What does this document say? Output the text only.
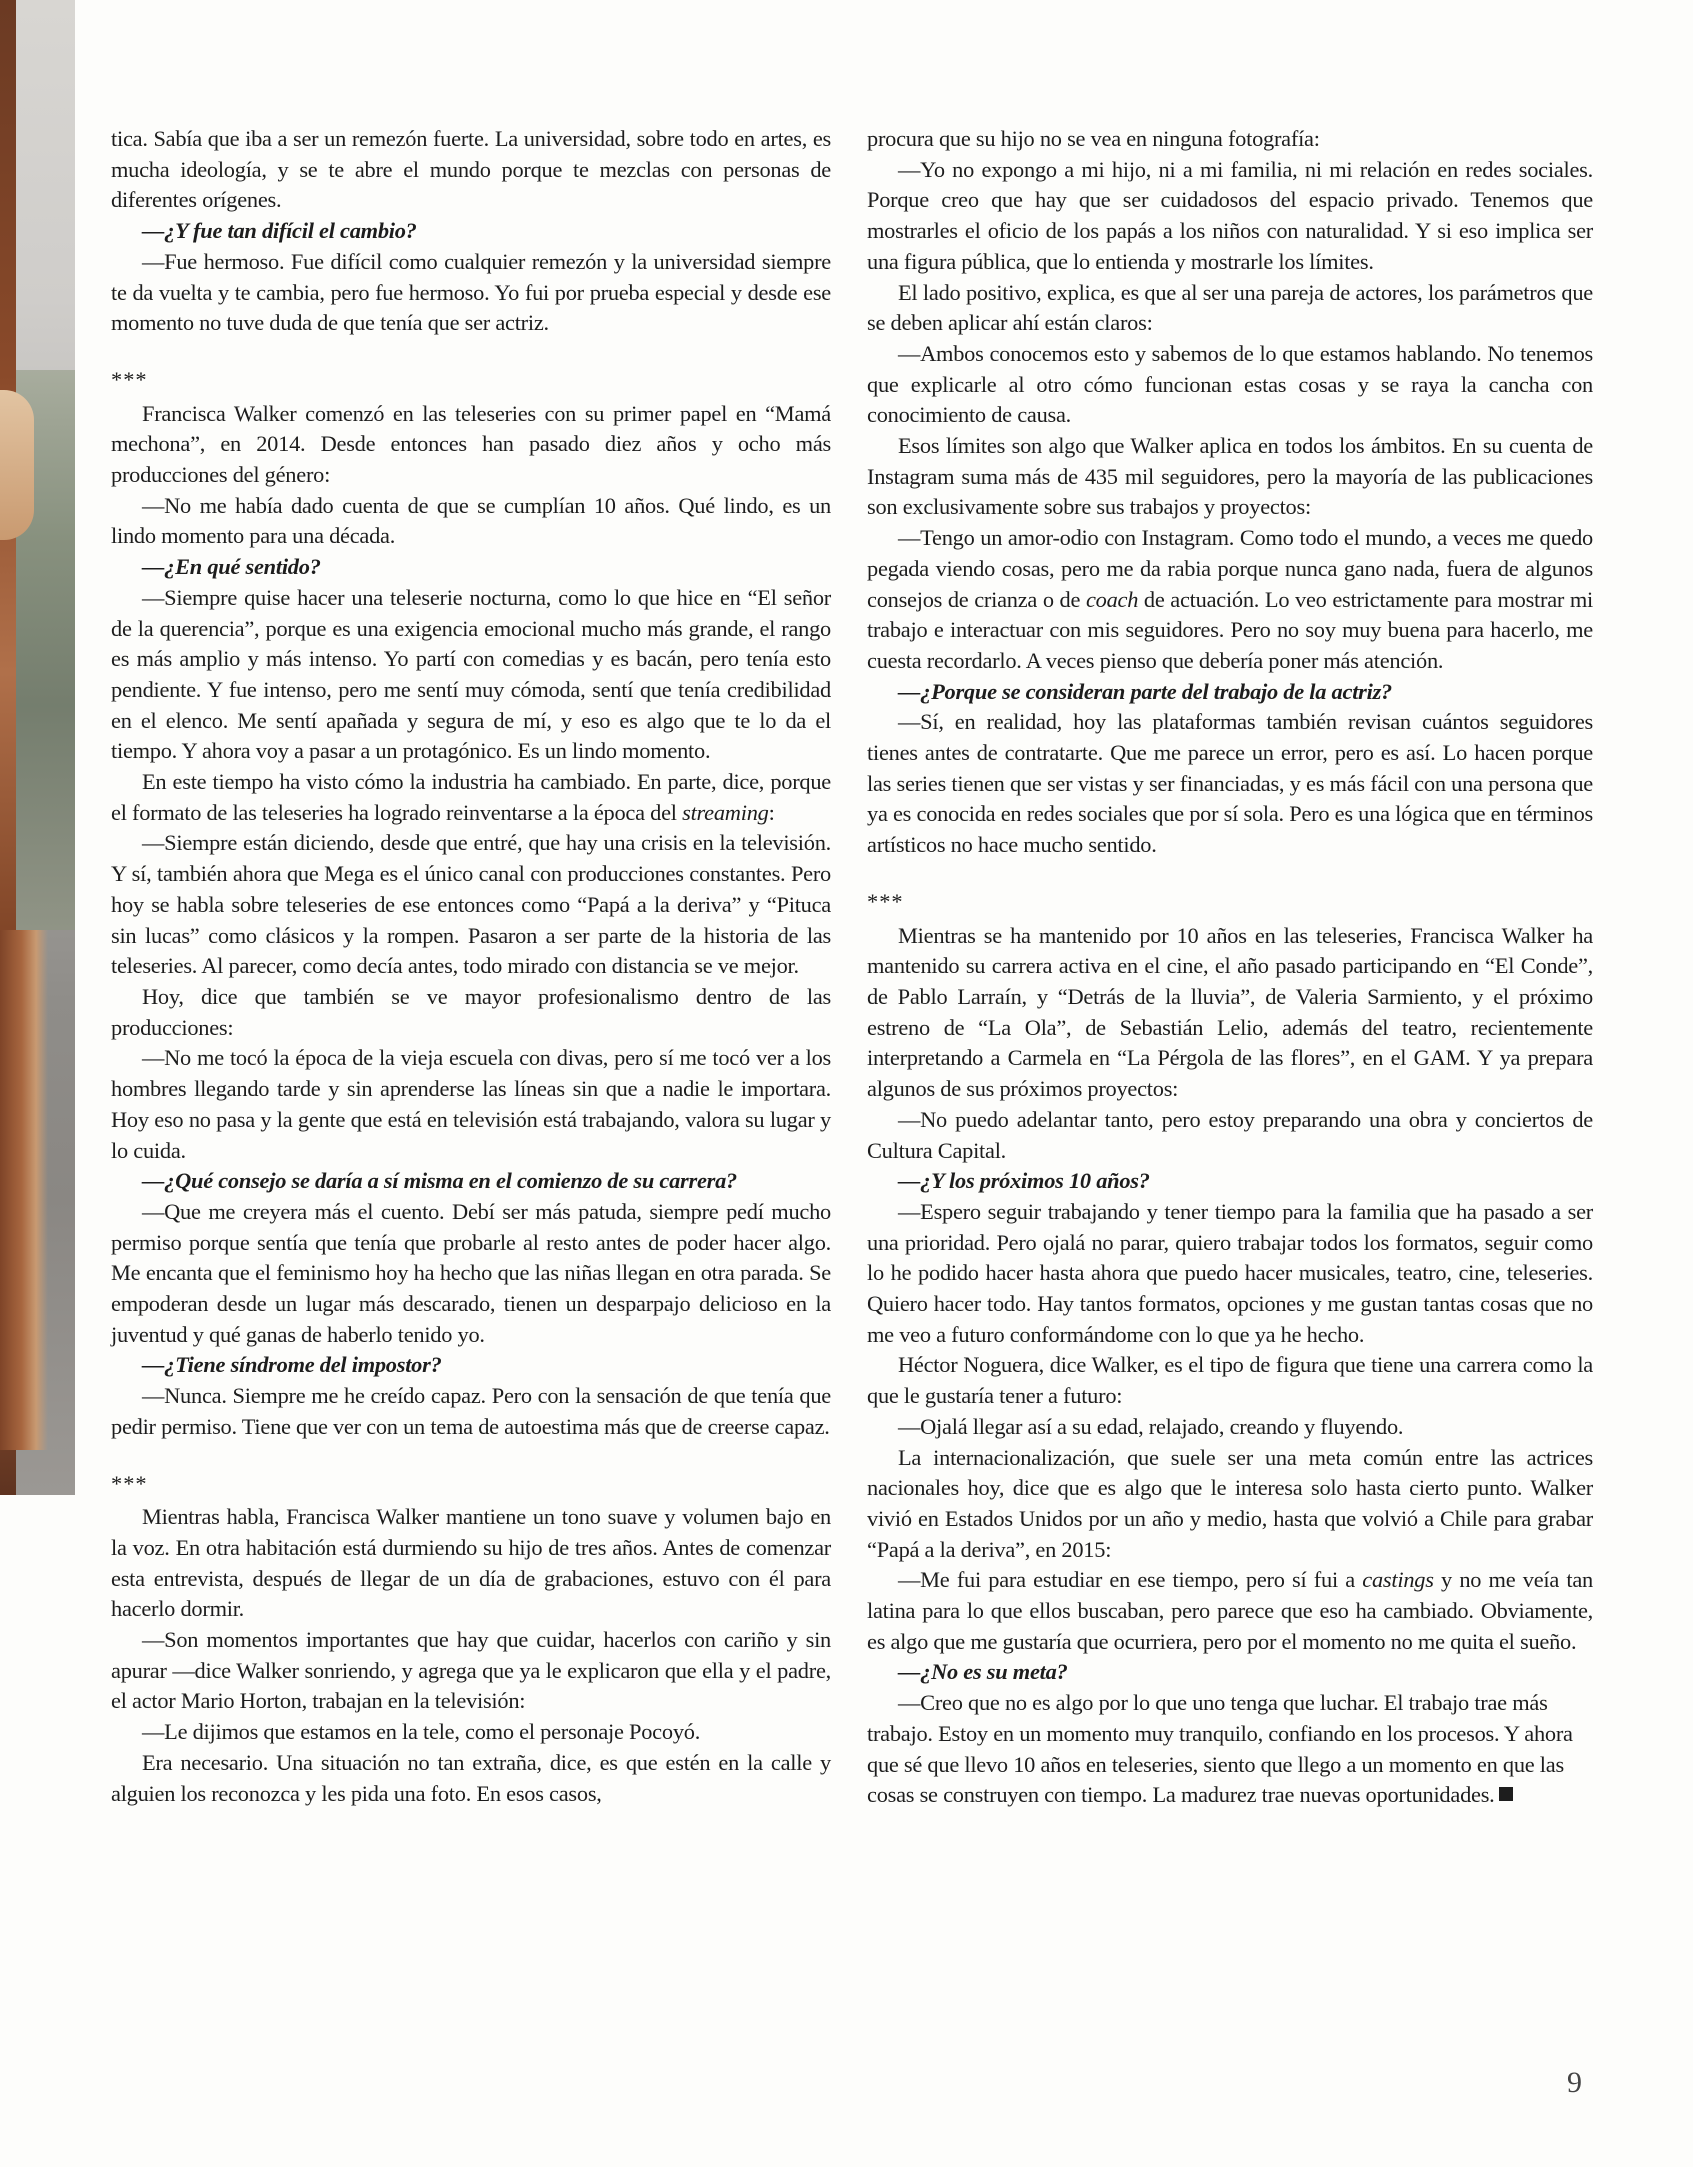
tica. Sabía que iba a ser un remezón fuerte. La universidad, sobre todo en artes, es mucha ideología, y se te abre el mundo porque te mezclas con personas de diferentes orígenes.

—¿Y fue tan difícil el cambio?

—Fue hermoso. Fue difícil como cualquier remezón y la universidad siempre te da vuelta y te cambia, pero fue hermoso. Yo fui por prueba especial y desde ese momento no tuve duda de que tenía que ser actriz.

***

Francisca Walker comenzó en las teleseries con su primer papel en “Mamá mechona”, en 2014. Desde entonces han pasado diez años y ocho más producciones del género:

—No me había dado cuenta de que se cumplían 10 años. Qué lindo, es un lindo momento para una década.

—¿En qué sentido?

—Siempre quise hacer una teleserie nocturna, como lo que hice en “El señor de la querencia”, porque es una exigencia emocional mucho más grande, el rango es más amplio y más intenso. Yo partí con comedias y es bacán, pero tenía esto pendiente. Y fue intenso, pero me sentí muy cómoda, sentí que tenía credibilidad en el elenco. Me sentí apañada y segura de mí, y eso es algo que te lo da el tiempo. Y ahora voy a pasar a un protagónico. Es un lindo momento.

En este tiempo ha visto cómo la industria ha cambiado. En parte, dice, porque el formato de las teleseries ha logrado reinventarse a la época del streaming:

—Siempre están diciendo, desde que entré, que hay una crisis en la televisión. Y sí, también ahora que Mega es el único canal con producciones constantes. Pero hoy se habla sobre teleseries de ese entonces como “Papá a la deriva” y “Pituca sin lucas” como clásicos y la rompen. Pasaron a ser parte de la historia de las teleseries. Al parecer, como decía antes, todo mirado con distancia se ve mejor.

Hoy, dice que también se ve mayor profesionalismo dentro de las producciones:

—No me tocó la época de la vieja escuela con divas, pero sí me tocó ver a los hombres llegando tarde y sin aprenderse las líneas sin que a nadie le importara. Hoy eso no pasa y la gente que está en televisión está trabajando, valora su lugar y lo cuida.

—¿Qué consejo se daría a sí misma en el comienzo de su carrera?

—Que me creyera más el cuento. Debí ser más patuda, siempre pedí mucho permiso porque sentía que tenía que probarle al resto antes de poder hacer algo. Me encanta que el feminismo hoy ha hecho que las niñas llegan en otra parada. Se empoderan desde un lugar más descarado, tienen un desparpajo delicioso en la juventud y qué ganas de haberlo tenido yo.

—¿Tiene síndrome del impostor?

—Nunca. Siempre me he creído capaz. Pero con la sensación de que tenía que pedir permiso. Tiene que ver con un tema de autoestima más que de creerse capaz.

***

Mientras habla, Francisca Walker mantiene un tono suave y volumen bajo en la voz. En otra habitación está durmiendo su hijo de tres años. Antes de comenzar esta entrevista, después de llegar de un día de grabaciones, estuvo con él para hacerlo dormir.

—Son momentos importantes que hay que cuidar, hacerlos con cariño y sin apurar —dice Walker sonriendo, y agrega que ya le explicaron que ella y el padre, el actor Mario Horton, trabajan en la televisión:

—Le dijimos que estamos en la tele, como el personaje Pocoyó.

Era necesario. Una situación no tan extraña, dice, es que estén en la calle y alguien los reconozca y les pida una foto. En esos casos,

procura que su hijo no se vea en ninguna fotografía:

—Yo no expongo a mi hijo, ni a mi familia, ni mi relación en redes sociales. Porque creo que hay que ser cuidadosos del espacio privado. Tenemos que mostrarles el oficio de los papás a los niños con naturalidad. Y si eso implica ser una figura pública, que lo entienda y mostrarle los límites.

El lado positivo, explica, es que al ser una pareja de actores, los parámetros que se deben aplicar ahí están claros:

—Ambos conocemos esto y sabemos de lo que estamos hablando. No tenemos que explicarle al otro cómo funcionan estas cosas y se raya la cancha con conocimiento de causa.

Esos límites son algo que Walker aplica en todos los ámbitos. En su cuenta de Instagram suma más de 435 mil seguidores, pero la mayoría de las publicaciones son exclusivamente sobre sus trabajos y proyectos:

—Tengo un amor-odio con Instagram. Como todo el mundo, a veces me quedo pegada viendo cosas, pero me da rabia porque nunca gano nada, fuera de algunos consejos de crianza o de coach de actuación. Lo veo estrictamente para mostrar mi trabajo e interactuar con mis seguidores. Pero no soy muy buena para hacerlo, me cuesta recordarlo. A veces pienso que debería poner más atención.

—¿Porque se consideran parte del trabajo de la actriz?

—Sí, en realidad, hoy las plataformas también revisan cuántos seguidores tienes antes de contratarte. Que me parece un error, pero es así. Lo hacen porque las series tienen que ser vistas y ser financiadas, y es más fácil con una persona que ya es conocida en redes sociales que por sí sola. Pero es una lógica que en términos artísticos no hace mucho sentido.

***

Mientras se ha mantenido por 10 años en las teleseries, Francisca Walker ha mantenido su carrera activa en el cine, el año pasado participando en “El Conde”, de Pablo Larraín, y “Detrás de la lluvia”, de Valeria Sarmiento, y el próximo estreno de “La Ola”, de Sebastián Lelio, además del teatro, recientemente interpretando a Carmela en “La Pérgola de las flores”, en el GAM. Y ya prepara algunos de sus próximos proyectos:

—No puedo adelantar tanto, pero estoy preparando una obra y conciertos de Cultura Capital.

—¿Y los próximos 10 años?

—Espero seguir trabajando y tener tiempo para la familia que ha pasado a ser una prioridad. Pero ojalá no parar, quiero trabajar todos los formatos, seguir como lo he podido hacer hasta ahora que puedo hacer musicales, teatro, cine, teleseries. Quiero hacer todo. Hay tantos formatos, opciones y me gustan tantas cosas que no me veo a futuro conformándome con lo que ya he hecho.

Héctor Noguera, dice Walker, es el tipo de figura que tiene una carrera como la que le gustaría tener a futuro:

—Ojalá llegar así a su edad, relajado, creando y fluyendo.

La internacionalización, que suele ser una meta común entre las actrices nacionales hoy, dice que es algo que le interesa solo hasta cierto punto. Walker vivió en Estados Unidos por un año y medio, hasta que volvió a Chile para grabar “Papá a la deriva”, en 2015:

—Me fui para estudiar en ese tiempo, pero sí fui a castings y no me veía tan latina para lo que ellos buscaban, pero parece que eso ha cambiado. Obviamente, es algo que me gustaría que ocurriera, pero por el momento no me quita el sueño.

—¿No es su meta?

—Creo que no es algo por lo que uno tenga que luchar. El trabajo trae más trabajo. Estoy en un momento muy tranquilo, confiando en los procesos. Y ahora que sé que llevo 10 años en teleseries, siento que llego a un momento en que las cosas se construyen con tiempo. La madurez trae nuevas oportunidades.

9
